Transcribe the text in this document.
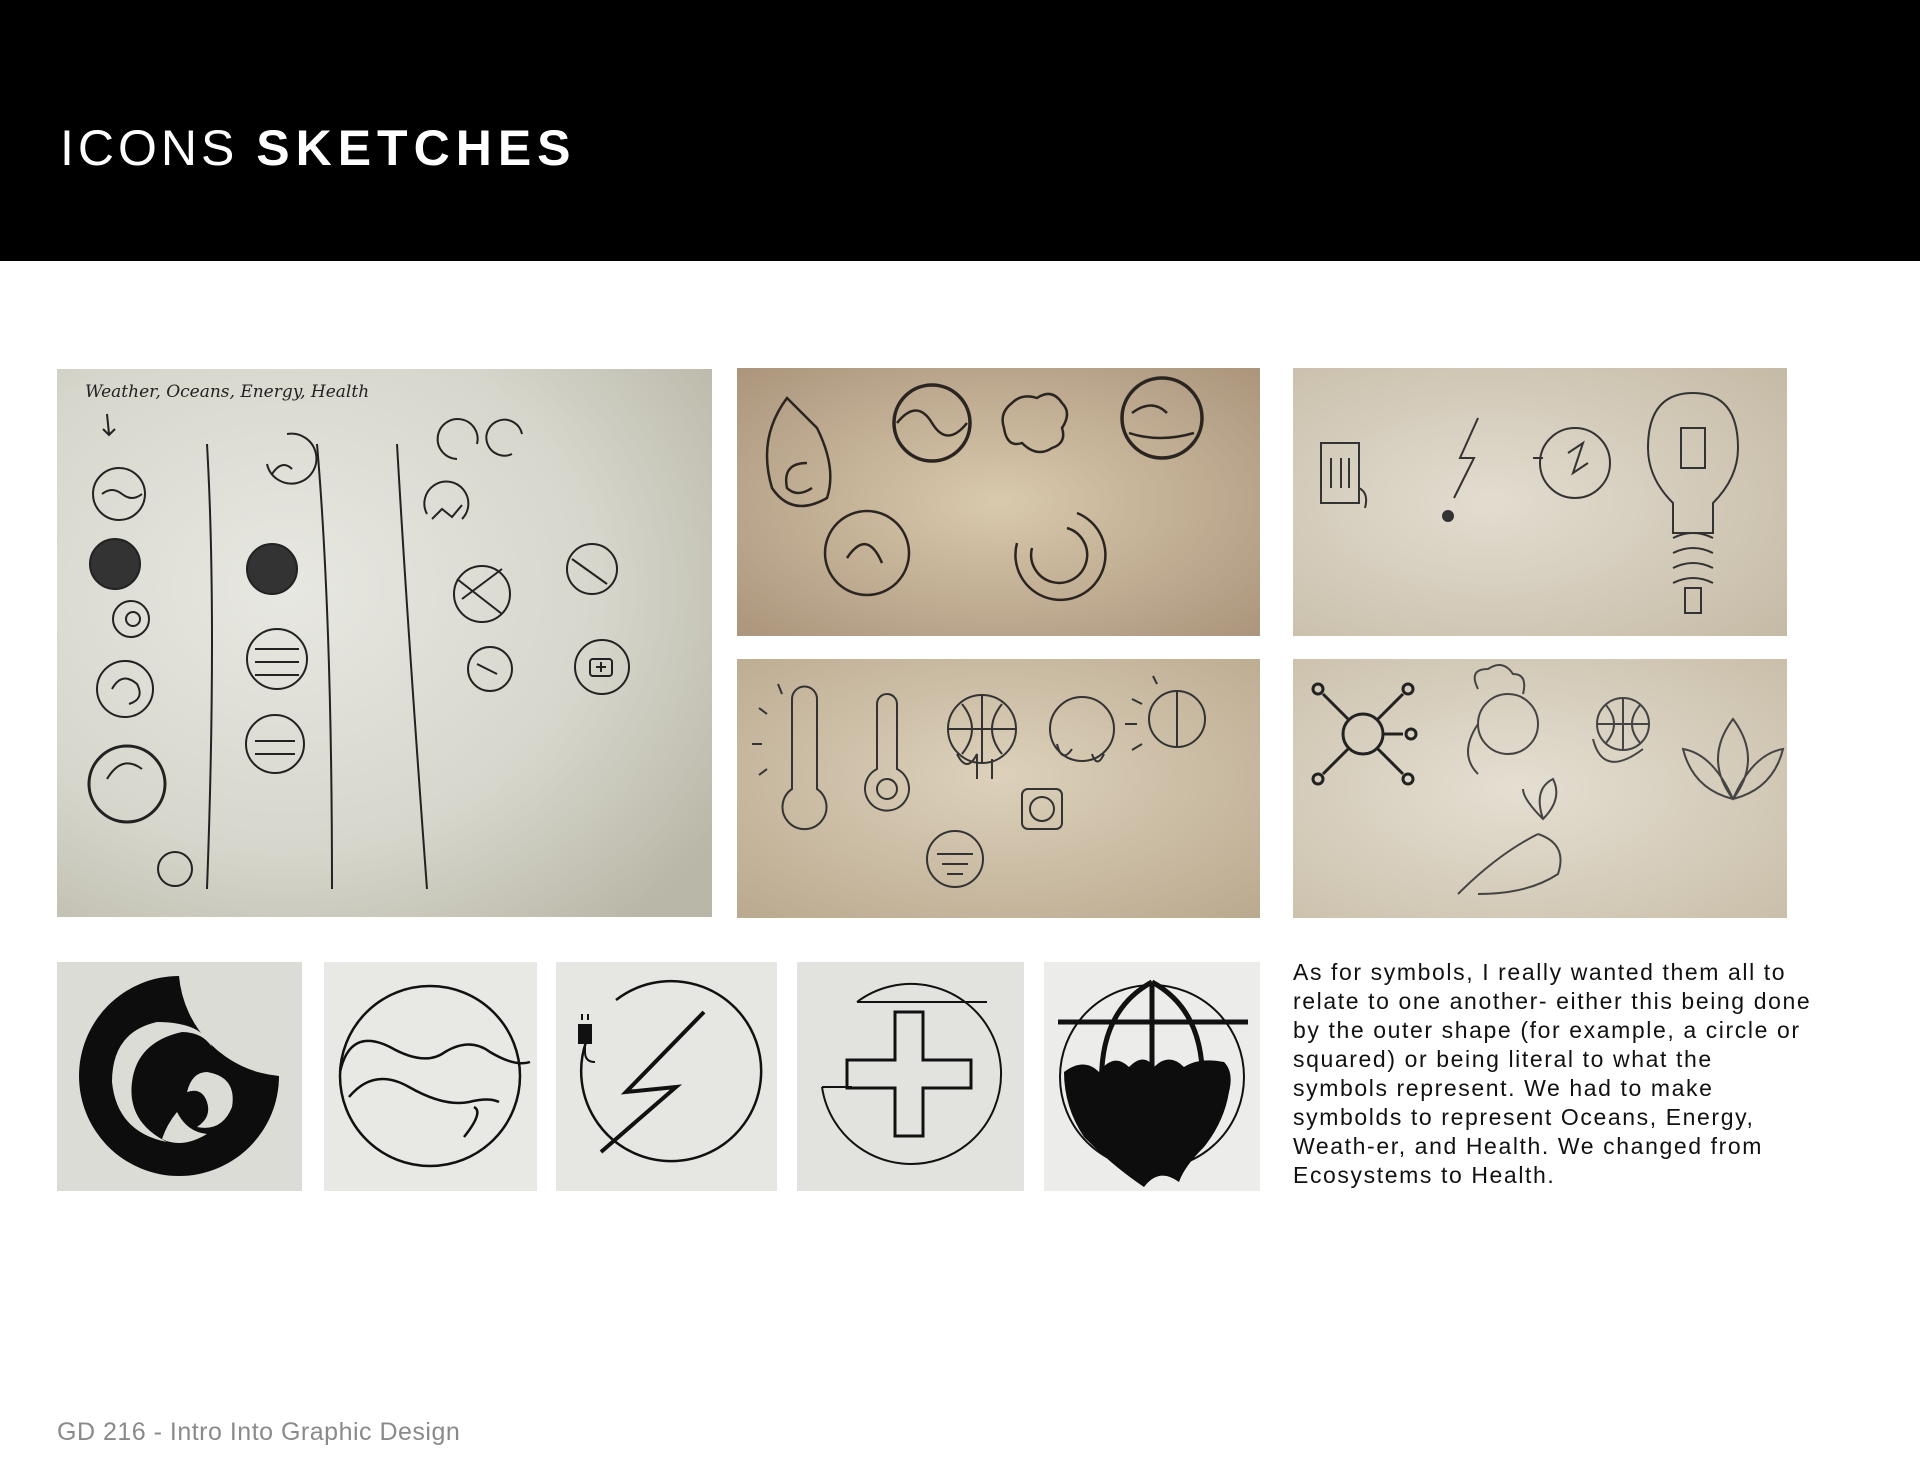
ICONS SKETCHES
Weather, Oceans, Energy, Health
As for symbols, I really wanted them all to relate to one another- either this being done by the outer shape (for example, a circle or squared) or being literal to what the symbols represent. We had to make symbolds to represent Oceans, Energy, Weath-er, and Health. We changed from Ecosystems to Health.
GD 216 - Intro Into Graphic Design
